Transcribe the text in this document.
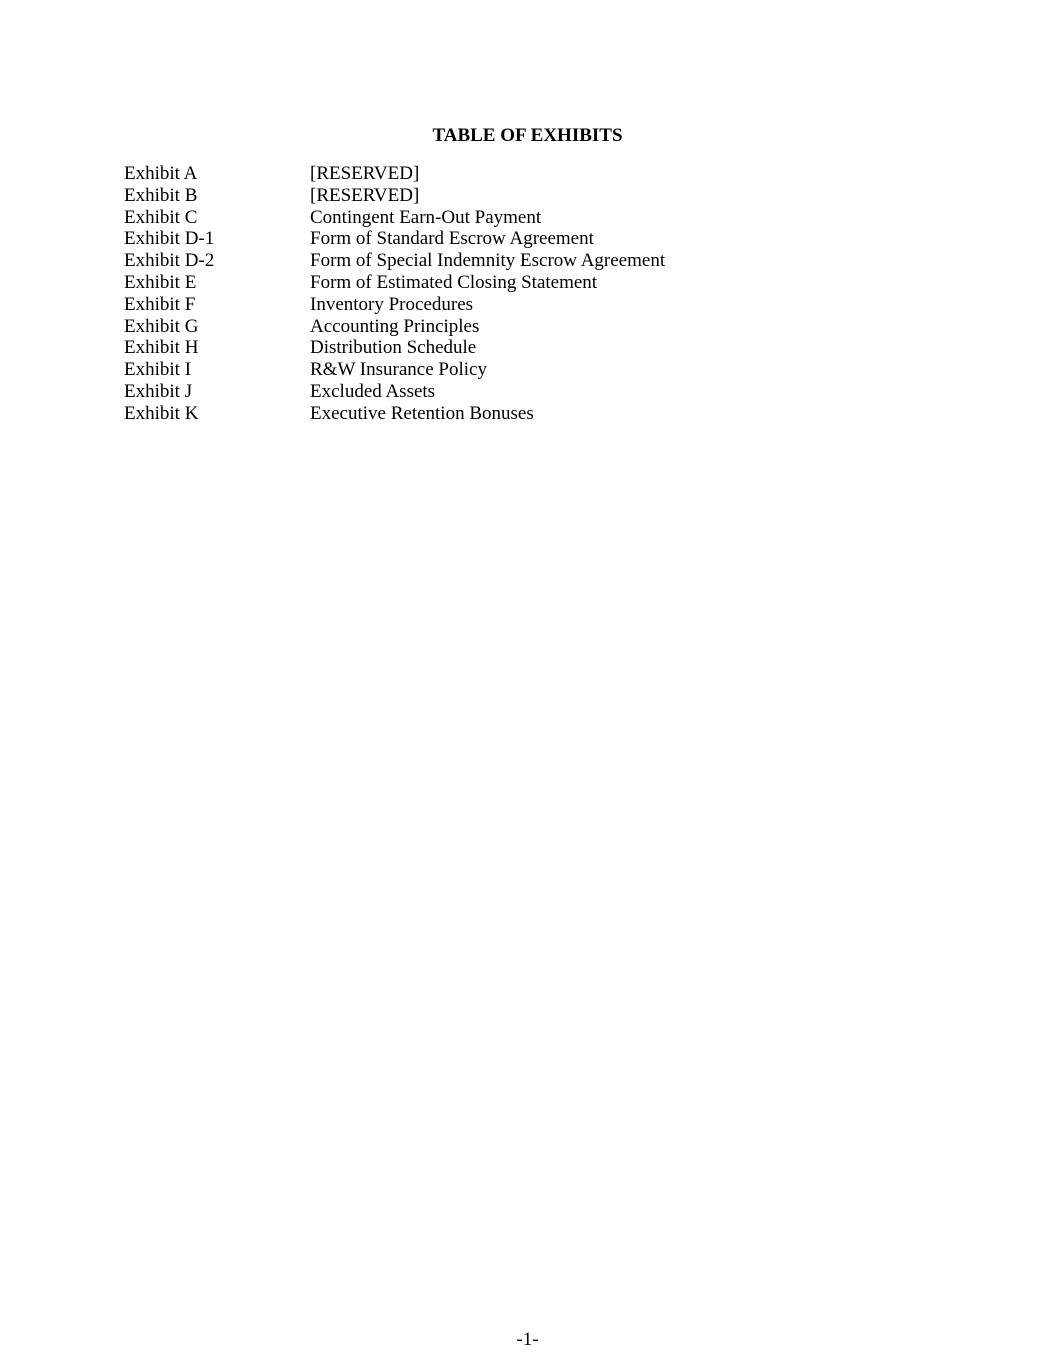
TABLE OF EXHIBITS
Exhibit A	[RESERVED]
Exhibit B	[RESERVED]
Exhibit C	Contingent Earn-Out Payment
Exhibit D-1	Form of Standard Escrow Agreement
Exhibit D-2	Form of Special Indemnity Escrow Agreement
Exhibit E	Form of Estimated Closing Statement
Exhibit F	Inventory Procedures
Exhibit G	Accounting Principles
Exhibit H	Distribution Schedule
Exhibit I	R&W Insurance Policy
Exhibit J	Excluded Assets
Exhibit K	Executive Retention Bonuses
-1-
